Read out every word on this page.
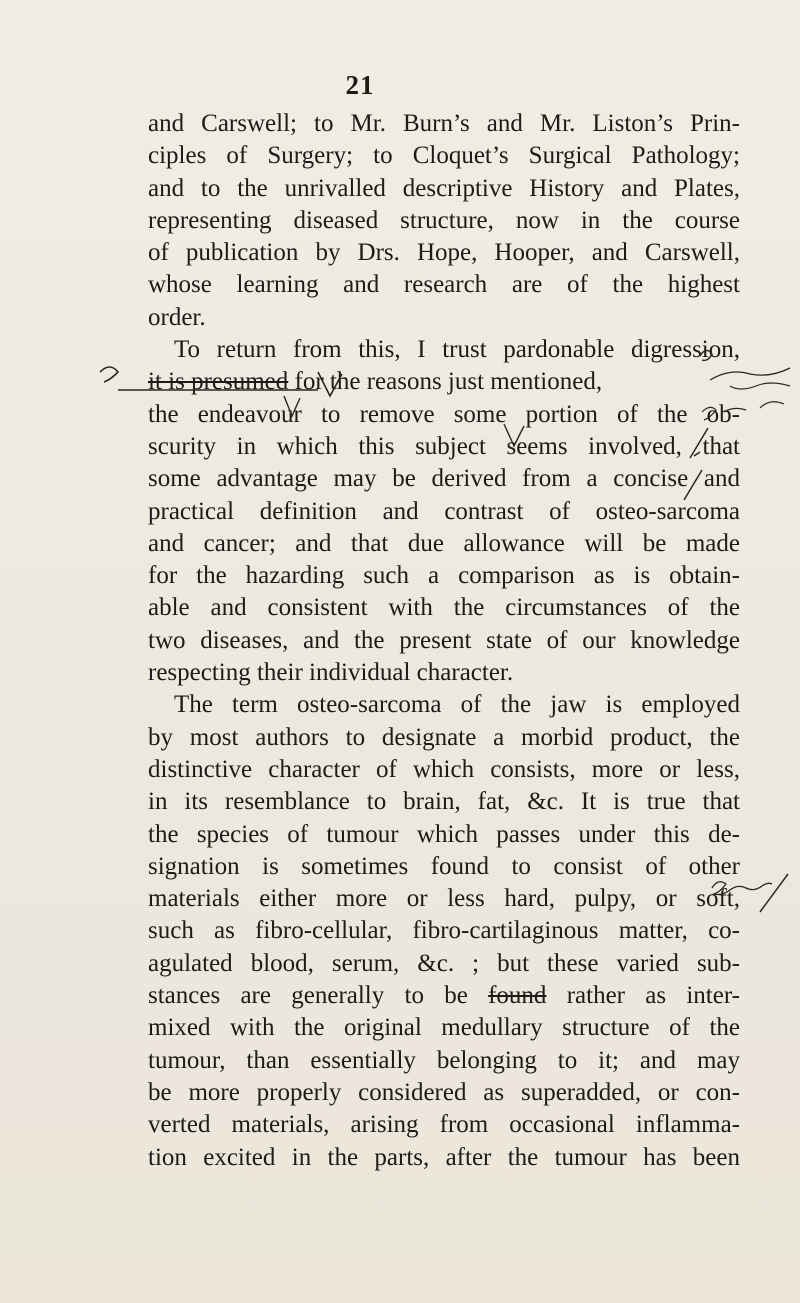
21
and Carswell; to Mr. Burn’s and Mr. Liston’s Prin-
ciples of Surgery; to Cloquet’s Surgical Pathology;
and to the unrivalled descriptive History and Plates,
representing diseased structure, now in the course
of publication by Drs. Hope, Hooper, and Carswell,
whose learning and research are of the highest
order.
To return from this, I trust pardonable digression,
it is presumed for the reasons just mentioned,
the endeavour to remove some portion of the ob-
scurity in which this subject seems involved, that
some advantage may be derived from a concise and
practical definition and contrast of osteo-sarcoma
and cancer; and that due allowance will be made
for the hazarding such a comparison as is obtain-
able and consistent with the circumstances of the
two diseases, and the present state of our knowledge
respecting their individual character.
The term osteo-sarcoma of the jaw is employed
by most authors to designate a morbid product, the
distinctive character of which consists, more or less,
in its resemblance to brain, fat, &c. It is true that
the species of tumour which passes under this de-
signation is sometimes found to consist of other
materials either more or less hard, pulpy, or soft,
such as fibro-cellular, fibro-cartilaginous matter, co-
agulated blood, serum, &c. ; but these varied sub-
stances are generally to be found rather as inter-
mixed with the original medullary structure of the
tumour, than essentially belonging to it; and may
be more properly considered as superadded, or con-
verted materials, arising from occasional inflamma-
tion excited in the parts, after the tumour has been
